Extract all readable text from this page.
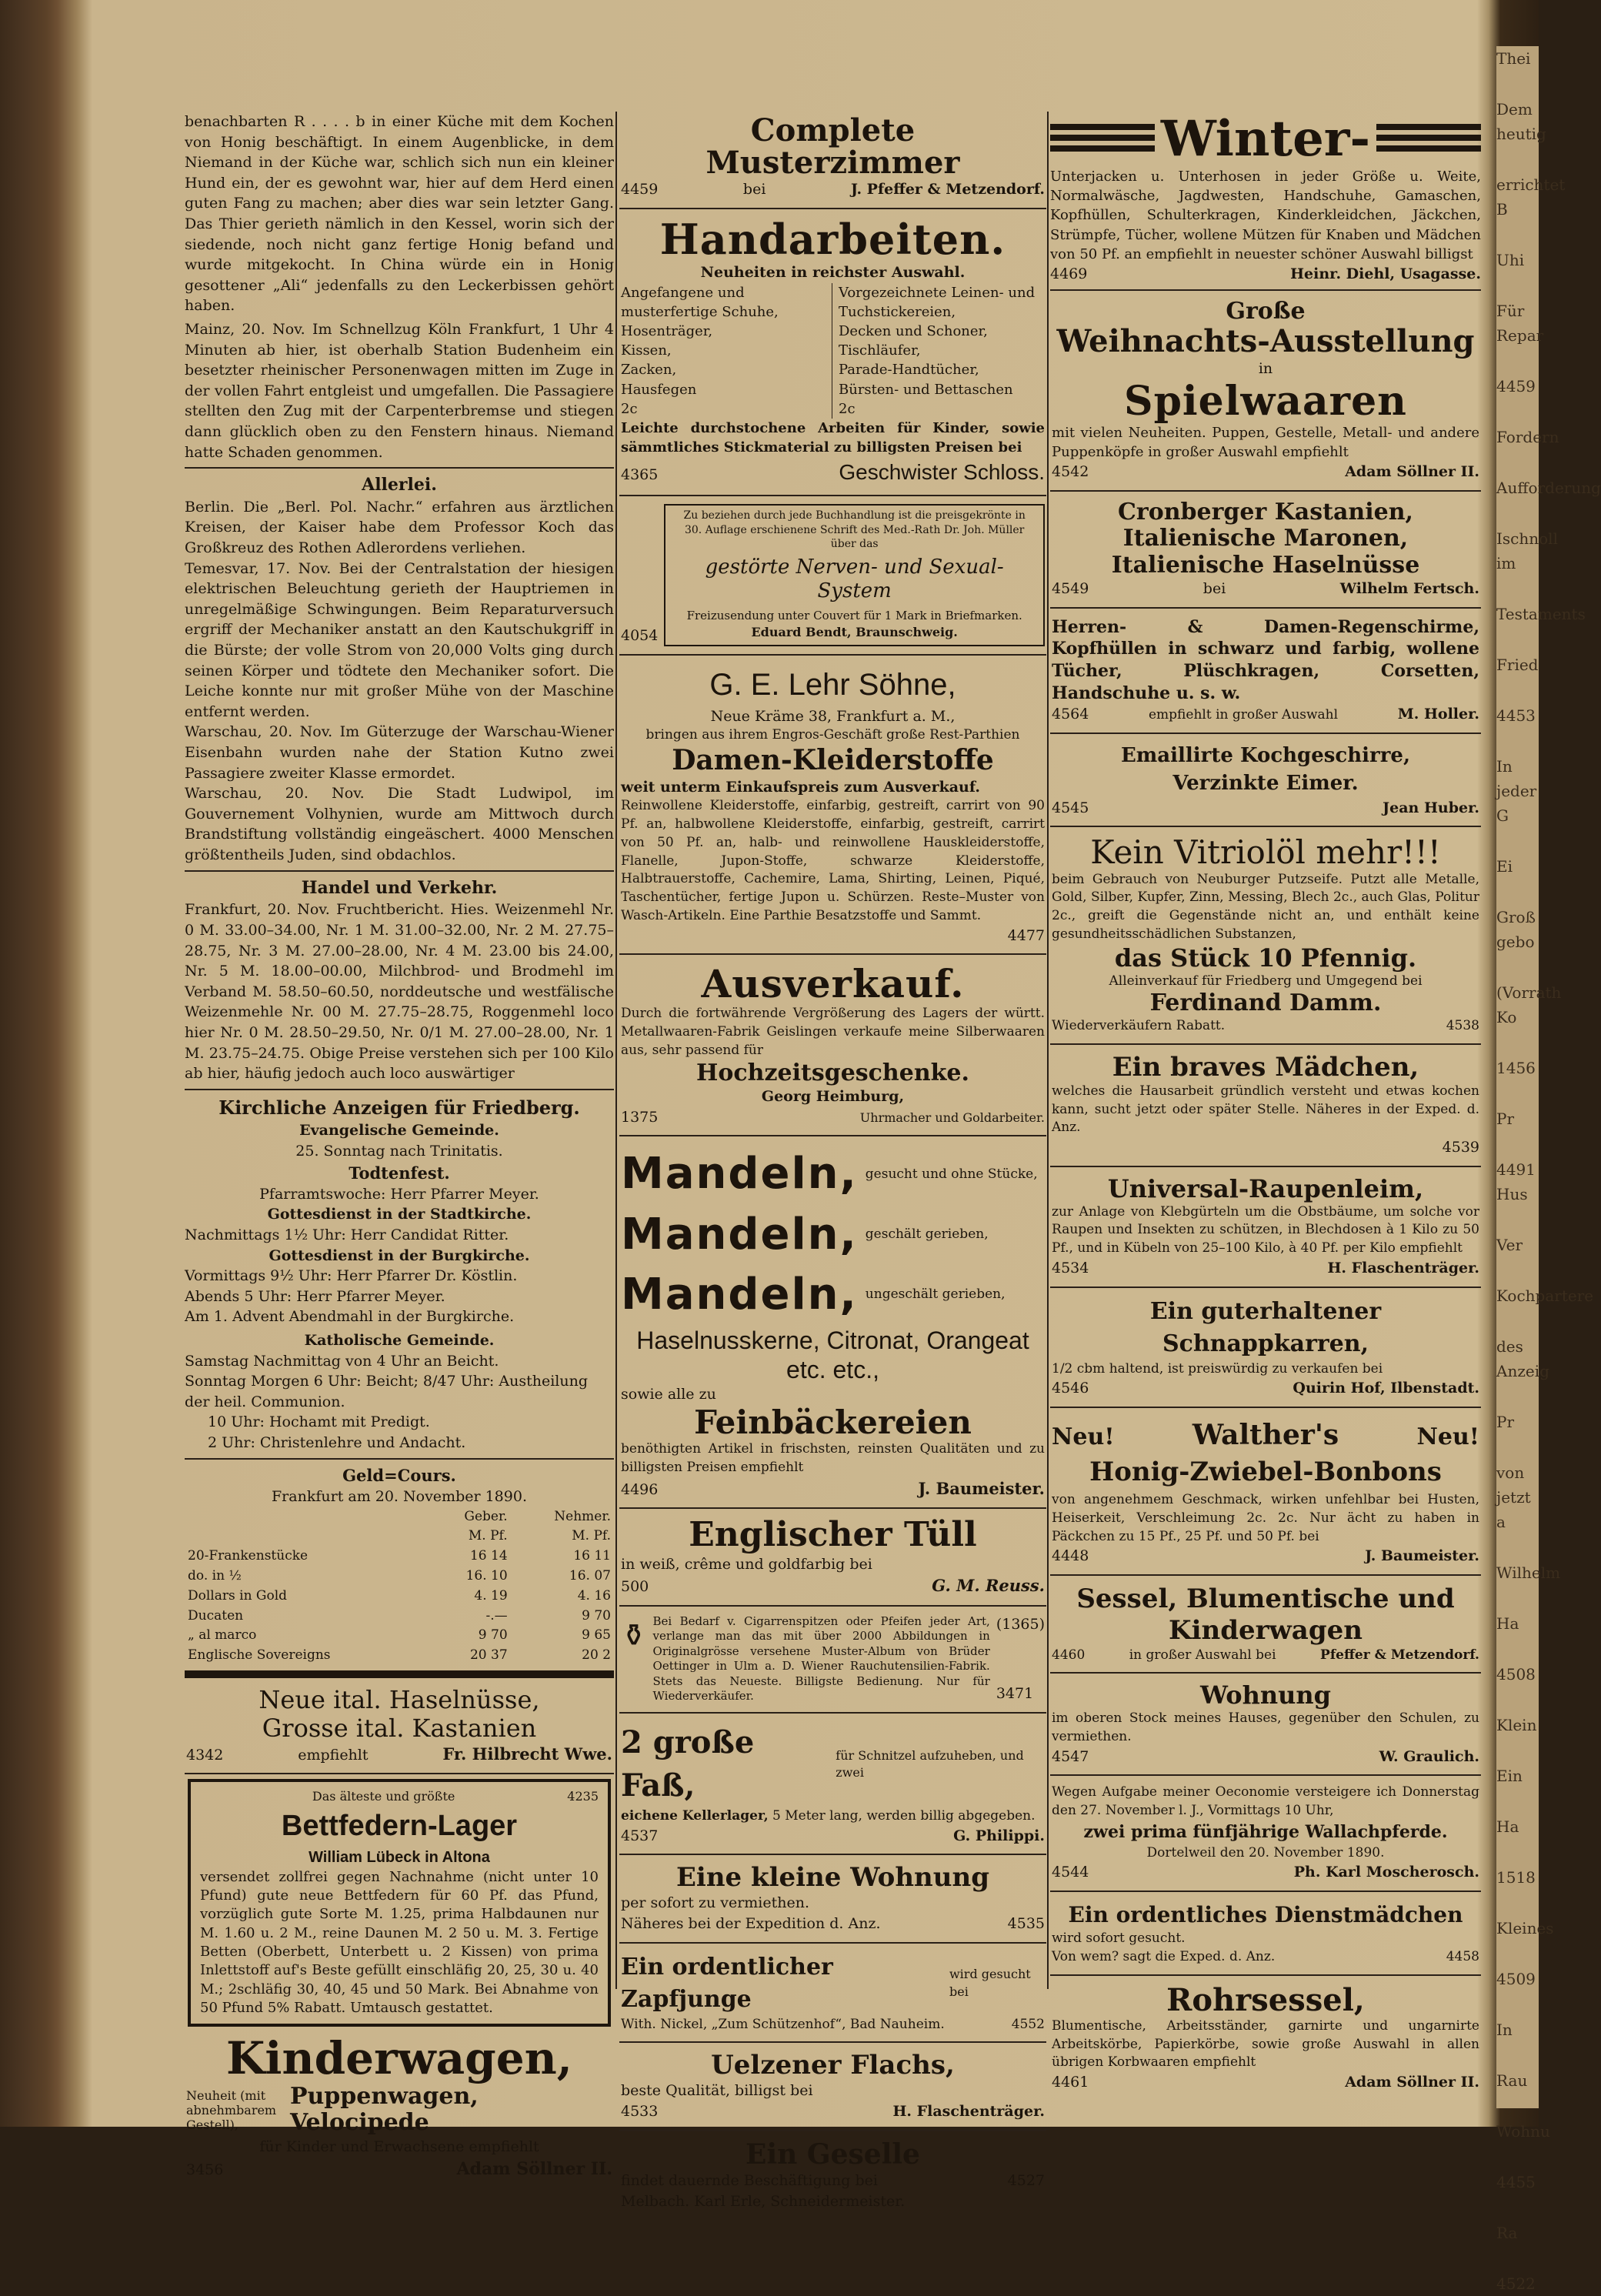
Thei
Dem heutig
errichtet B
Uhi
Für Repar
4459
Fordern
Aufforderung
Ischnoll im
Testaments
Fried
4453
In jeder G
Ei
Groß gebo
(Vorrath Ko
1456
Pr
4491 Hus
Ver
Kochpartere
des Anzeig
Pr
von jetzt a
Wilhelm
Ha
4508
Klein
Ein
Ha
1518
Kleines
4509
In
Rau
Wohnu
4455
Ra
4522

benachbarten R . . . . b in einer Küche mit dem Kochen von Honig beschäftigt. In einem Augenblicke, in dem Niemand in der Küche war, schlich sich nun ein kleiner Hund ein, der es gewohnt war, hier auf dem Herd einen guten Fang zu machen; aber dies war sein letzter Gang. Das Thier gerieth nämlich in den Kessel, worin sich der siedende, noch nicht ganz fertige Honig befand und wurde mitgekocht. In China würde ein in Honig gesottener „Ali“ jedenfalls zu den Leckerbissen gehört haben.

Mainz, 20. Nov. Im Schnellzug Köln Frankfurt, 1 Uhr 4 Minuten ab hier, ist oberhalb Station Budenheim ein besetzter rheinischer Personenwagen mitten im Zuge in der vollen Fahrt entgleist und umgefallen. Die Passagiere stellten den Zug mit der Carpenterbremse und stiegen dann glücklich oben zu den Fenstern hinaus. Niemand hatte Schaden genommen.

Allerlei.

Berlin. Die „Berl. Pol. Nachr.“ erfahren aus ärztlichen Kreisen, der Kaiser habe dem Professor Koch das Großkreuz des Rothen Adlerordens verliehen.

Temesvar, 17. Nov. Bei der Centralstation der hiesigen elektrischen Beleuchtung gerieth der Hauptriemen in unregelmäßige Schwingungen. Beim Reparaturversuch ergriff der Mechaniker anstatt an den Kautschukgriff in die Bürste; der volle Strom von 20,000 Volts ging durch seinen Körper und tödtete den Mechaniker sofort. Die Leiche konnte nur mit großer Mühe von der Maschine entfernt werden.

Warschau, 20. Nov. Im Güterzuge der Warschau-Wiener Eisenbahn wurden nahe der Station Kutno zwei Passagiere zweiter Klasse ermordet.

Warschau, 20. Nov. Die Stadt Ludwipol, im Gouvernement Volhynien, wurde am Mittwoch durch Brandstiftung vollständig eingeäschert. 4000 Menschen größtentheils Juden, sind obdachlos.

Handel und Verkehr.

Frankfurt, 20. Nov. Fruchtbericht. Hies. Weizenmehl Nr. 0 M. 33.00–34.00, Nr. 1 M. 31.00–32.00, Nr. 2 M. 27.75–28.75, Nr. 3 M. 27.00–28.00, Nr. 4 M. 23.00 bis 24.00, Nr. 5 M. 18.00–00.00, Milchbrod- und Brodmehl im Verband M. 58.50–60.50, norddeutsche und westfälische Weizenmehle Nr. 00 M. 27.75–28.75, Roggenmehl loco hier Nr. 0 M. 28.50–29.50, Nr. 0/1 M. 27.00–28.00, Nr. 1 M. 23.75–24.75. Obige Preise verstehen sich per 100 Kilo ab hier, häufig jedoch auch loco auswärtiger

Kirchliche Anzeigen für Friedberg.

Evangelische Gemeinde.

25. Sonntag nach Trinitatis.

Todtenfest.

Pfarramtswoche: Herr Pfarrer Meyer.

Gottesdienst in der Stadtkirche.

Nachmittags 1½ Uhr: Herr Candidat Ritter.

Gottesdienst in der Burgkirche.

Vormittags 9½ Uhr: Herr Pfarrer Dr. Köstlin.

Abends 5 Uhr: Herr Pfarrer Meyer.

Am 1. Advent Abendmahl in der Burgkirche.

Katholische Gemeinde.

Samstag Nachmittag von 4 Uhr an Beicht.

Sonntag Morgen 6 Uhr: Beicht; 8/47 Uhr: Austheilung der heil. Communion.

10 Uhr: Hochamt mit Predigt.

2 Uhr: Christenlehre und Andacht.

Geld=Cours.

Frankfurt am 20. November 1890.

	Geber.	Nehmer.
	M. Pf.	M. Pf.
20-Frankenstücke	16 14	16 11
do. in ½	16. 10	16. 07
Dollars in Gold	4. 19	4. 16
Ducaten	-.—	9 70
„ al marco	9 70	9 65
Englische Sovereigns	20 37	20 2

Neue ital. Haselnüsse,

Grosse ital. Kastanien

4342	empfiehlt	Fr. Hilbrecht Wwe.
Das älteste und größte	4235

Bettfedern-Lager

William Lübeck in Altona

versendet zollfrei gegen Nachnahme (nicht unter 10 Pfund) gute neue Bettfedern für 60 Pf. das Pfund, vorzüglich gute Sorte M. 1.25, prima Halbdaunen nur M. 1.60 u. 2 M., reine Daunen M. 2 50 u. M. 3. Fertige Betten (Oberbett, Unterbett u. 2 Kissen) von prima Inlettstoff auf's Beste gefüllt einschläfig 20, 25, 30 u. 40 M.; 2schläfig 30, 40, 45 und 50 Mark. Bei Abnahme von 50 Pfund 5% Rabatt. Umtausch gestattet.

Kinderwagen,

Neuheit (mit abnehmbarem Gestell),
Puppenwagen, Velocipede

für Kinder und Erwachsene empfiehlt

3456	Adam Söllner II.

Complete Musterzimmer

4459	bei	J. Pfeffer & Metzendorf.

Handarbeiten.

Neuheiten in reichster Auswahl.

Angefangene und musterfertige Schuhe,

Hosenträger,

Kissen,

Zacken,

Hausfegen

2c

Vorgezeichnete Leinen- und Tuchstickereien,

Decken und Schoner,

Tischläufer,

Parade-Handtücher,

Bürsten- und Bettaschen

2c

Leichte durchstochene Arbeiten für Kinder, sowie sämmtliches Stickmaterial zu billigsten Preisen bei

4365	Geschwister Schloss.
4054

Zu beziehen durch jede Buchhandlung ist die preisgekrönte in 30. Auflage erschienene Schrift des Med.-Rath Dr. Joh. Müller über das

gestörte Nerven- und Sexual-System

Freizusendung unter Couvert für 1 Mark in Briefmarken.

Eduard Bendt, Braunschweig.

G. E. Lehr Söhne,

Neue Kräme 38, Frankfurt a. M.,

bringen aus ihrem Engros-Geschäft große Rest-Parthien

Damen-Kleiderstoffe

weit unterm Einkaufspreis zum Ausverkauf.

Reinwollene Kleiderstoffe, einfarbig, gestreift, carrirt von 90 Pf. an, halbwollene Kleiderstoffe, einfarbig, gestreift, carrirt von 50 Pf. an, halb- und reinwollene Hauskleiderstoffe, Flanelle, Jupon-Stoffe, schwarze Kleiderstoffe, Halbtrauerstoffe, Cachemire, Lama, Shirting, Leinen, Piqué, Taschentücher, fertige Jupon u. Schürzen. Reste–Muster von Wasch-Artikeln. Eine Parthie Besatzstoffe und Sammt.

4477

Ausverkauf.

Durch die fortwährende Vergrößerung des Lagers der württ. Metallwaaren-Fabrik Geislingen verkaufe meine Silberwaaren aus, sehr passend für

Hochzeitsgeschenke.

Georg Heimburg,

1375	Uhrmacher und Goldarbeiter.
Mandeln, gesucht und ohne Stücke,
Mandeln, geschält gerieben,
Mandeln, ungeschält gerieben,

Haselnusskerne, Citronat, Orangeat etc. etc.,

sowie alle zu

Feinbäckereien

benöthigten Artikel in frischsten, reinsten Qualitäten und zu billigsten Preisen empfiehlt

4496	J. Baumeister.

Englischer Tüll

in weiß, crême und goldfarbig bei

500	G. M. Reuss.
⚱ Bei Bedarf v. Cigarrenspitzen oder Pfeifen jeder Art, verlange man das mit über 2000 Abbildungen in Originalgrösse versehene Muster-Album von Brüder Oettinger in Ulm a. D. Wiener Rauchutensilien-Fabrik. Stets das Neueste. Billigste Bedienung. Nur für Wiederverkäufer.

(1365)
3471
2 große Faß,
für Schnitzel aufzuheben, und zwei

eichene Kellerlager, 5 Meter lang, werden billig abgegeben.

4537	G. Philippi.

Eine kleine Wohnung

per sofort zu vermiethen.

Näheres bei der Expedition d. Anz.	4535
Ein ordentlicher Zapfjunge
wird gesucht bei
With. Nickel, „Zum Schützenhof“, Bad Nauheim.	4552

Uelzener Flachs,

beste Qualität, billigst bei

4533	H. Flaschenträger.

Ein Geselle

findet dauernde Beschäftigung bei	4527

Melbach. Karl Erle, Schneidermeister.

Winter-

Unterjacken u. Unterhosen in jeder Größe u. Weite, Normalwäsche, Jagdwesten, Handschuhe, Gamaschen, Kopfhüllen, Schulterkragen, Kinderkleidchen, Jäckchen, Strümpfe, Tücher, wollene Mützen für Knaben und Mädchen von 50 Pf. an empfiehlt in neuester schöner Auswahl billigst

4469	Heinr. Diehl, Usagasse.

Große

Weihnachts-Ausstellung

in

Spielwaaren

mit vielen Neuheiten. Puppen, Gestelle, Metall- und andere Puppenköpfe in großer Auswahl empfiehlt

4542	Adam Söllner II.

Cronberger Kastanien,

Italienische Maronen,

Italienische Haselnüsse

4549	bei	Wilhelm Fertsch.

Herren- & Damen-Regenschirme, Kopfhüllen in schwarz und farbig, wollene Tücher, Plüschkragen, Corsetten, Handschuhe u. s. w.

4564	empfiehlt in großer Auswahl	M. Holler.

Emaillirte Kochgeschirre,

Verzinkte Eimer.

4545	Jean Huber.

Kein Vitriolöl mehr!!!

beim Gebrauch von Neuburger Putzseife. Putzt alle Metalle, Gold, Silber, Kupfer, Zinn, Messing, Blech 2c., auch Glas, Politur 2c., greift die Gegenstände nicht an, und enthält keine gesundheitsschädlichen Substanzen,

das Stück 10 Pfennig.

Alleinverkauf für Friedberg und Umgegend bei

Ferdinand Damm.

Wiederverkäufern Rabatt.	4538

Ein braves Mädchen,

welches die Hausarbeit gründlich versteht und etwas kochen kann, sucht jetzt oder später Stelle. Näheres in der Exped. d. Anz.

4539

Universal-Raupenleim,

zur Anlage von Klebgürteln um die Obstbäume, um solche vor Raupen und Insekten zu schützen, in Blechdosen à 1 Kilo zu 50 Pf., und in Kübeln von 25–100 Kilo, à 40 Pf. per Kilo empfiehlt

4534	H. Flaschenträger.

Ein guterhaltener Schnappkarren,

1/2 cbm haltend, ist preiswürdig zu verkaufen bei

4546	Quirin Hof, Ilbenstadt.
Neu!	Walther's	Neu!

Honig-Zwiebel-Bonbons

von angenehmem Geschmack, wirken unfehlbar bei Husten, Heiserkeit, Verschleimung 2c. 2c. Nur ächt zu haben in Päckchen zu 15 Pf., 25 Pf. und 50 Pf. bei

4448	J. Baumeister.

Sessel, Blumentische und Kinderwagen

4460	in großer Auswahl bei	Pfeffer & Metzendorf.

Wohnung

im oberen Stock meines Hauses, gegenüber den Schulen, zu vermiethen.

4547	W. Graulich.

Wegen Aufgabe meiner Oeconomie versteigere ich Donnerstag den 27. November l. J., Vormittags 10 Uhr,

zwei prima fünfjährige Wallachpferde.

Dortelweil den 20. November 1890.

4544	Ph. Karl Moscherosch.

Ein ordentliches Dienstmädchen

wird sofort gesucht.

Von wem? sagt die Exped. d. Anz.	4458

Rohrsessel,

Blumentische, Arbeitsständer, garnirte und ungarnirte Arbeitskörbe, Papierkörbe, sowie große Auswahl in allen übrigen Korbwaaren empfiehlt

4461	Adam Söllner II.
